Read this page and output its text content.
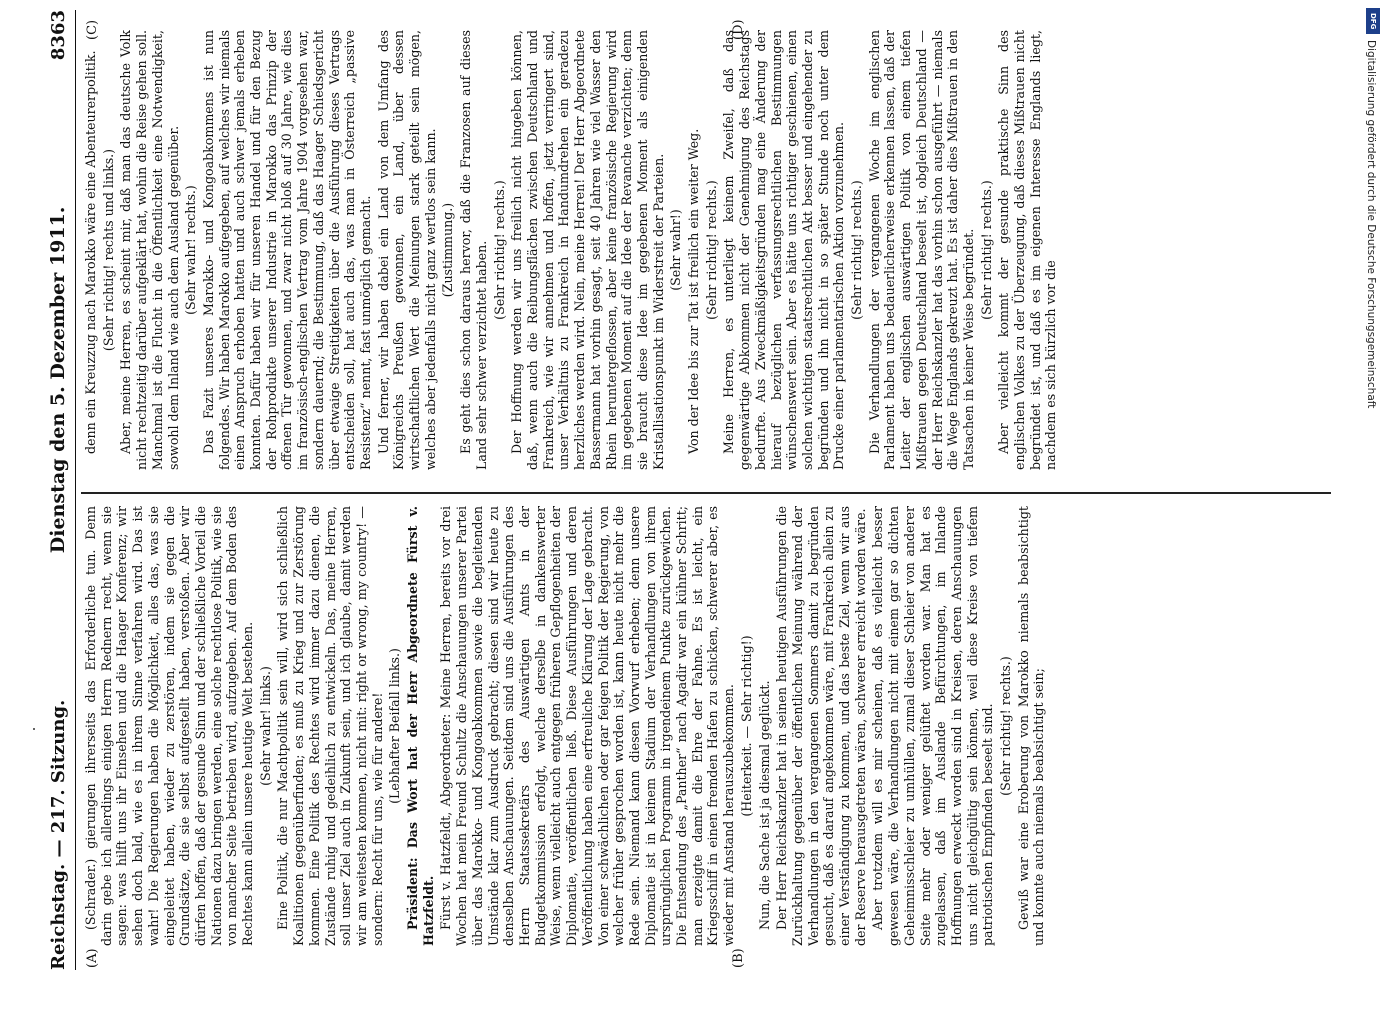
Reichstag. — 217. Sitzung.
Dienstag den 5. Dezember 1911.
8363
(A)	(B)
(C)	(D)

(Schrader.) gierungen ihrerseits das Erforderliche tun. Denn darin gebe ich allerdings einigen Herrn Rednern recht, wenn sie sagen: was hilft uns ihr Einsehen und die Haager Konferenz; wir sehen doch bald, wie es in ihrem Sinne verfahren wird. Das ist wahr! Die Regierungen haben die Möglichkeit, alles das, was sie eingeleitet haben, wieder zu zerstören, indem sie gegen die Grundsätze, die sie selbst aufgestellt haben, verstoßen. Aber wir dürfen hoffen, daß der gesunde Sinn und der schließliche Vorteil die Nationen dazu bringen werden, eine solche rechtlose Politik, wie sie von mancher Seite betrieben wird, aufzugeben. Auf dem Boden des Rechtes kann allein unsere heutige Welt bestehen. (Sehr wahr! links.) Eine Politik, die nur Machtpolitik sein will, wird sich schließlich Koalitionen gegenüberfinden; es muß zu Krieg und zur Zerstörung kommen. Eine Politik des Rechtes wird immer dazu dienen, die Zustände ruhig und gedeihlich zu entwickeln. Das, meine Herren, soll unser Ziel auch in Zukunft sein, und ich glaube, damit werden wir am weitesten kommen, nicht mit: right or wrong, my country! — sondern: Recht für uns, wie für andere! (Lebhafter Beifall links.) Präsident: Das Wort hat der Herr Abgeordnete Fürst v. Hatzfeldt. Fürst v. Hatzfeldt, Abgeordneter: Meine Herren, bereits vor drei Wochen hat mein Freund Schultz die Anschauungen unserer Partei über das Marokko- und Kongoabkommen sowie die begleitenden Umstände klar zum Ausdruck gebracht; diesen sind wir heute zu denselben Anschauungen. Seitdem sind uns die Ausführungen des Herrn Staatssekretärs des Auswärtigen Amts in der Budgetkommission erfolgt, welche derselbe in dankenswerter Weise, wenn vielleicht auch entgegen früheren Gepflogenheiten der Diplomatie, veröffentlichen ließ. Diese Ausführungen und deren Veröffentlichung haben eine erfreuliche Klärung der Lage gebracht. Von einer schwächlichen oder gar feigen Politik der Regierung, von welcher früher gesprochen worden ist, kann heute nicht mehr die Rede sein. Niemand kann diesen Vorwurf erheben; denn unsere Diplomatie ist in keinem Stadium der Verhandlungen von ihrem ursprünglichen Programm in irgendeinem Punkte zurückgewichen. Die Entsendung des „Panther“ nach Agadir war ein kühner Schritt; man erzeigte damit die Ehre der Fahne. Es ist leicht, ein Kriegsschiff in einen fremden Hafen zu schicken, schwerer aber, es wieder mit Anstand herauszubekommen. (Heiterkeit. — Sehr richtig!) Nun, die Sache ist ja diesmal geglückt. Der Herr Reichskanzler hat in seinen heutigen Ausführungen die Zurückhaltung gegenüber der öffentlichen Meinung während der Verhandlungen in den vergangenen Sommers damit zu begründen gesucht, daß es darauf angekommen wäre, mit Frankreich allein zu einer Verständigung zu kommen, und das beste Ziel, wenn wir aus der Reserve herausgetreten wären, schwerer erreicht worden wäre. Aber trotzdem will es mir scheinen, daß es vielleicht besser gewesen wäre, die Verhandlungen nicht mit einem gar so dichten Geheimnisschleier zu umhüllen, zumal dieser Schleier von anderer Seite mehr oder weniger gelüftet worden war. Man hat es zugelassen, daß im Auslande Befürchtungen, im Inlande Hoffnungen erweckt worden sind in Kreisen, deren Anschauungen uns nicht gleichgültig sein können, weil diese Kreise von tiefem patriotischen Empfinden beseelt sind. (Sehr richtig! rechts.) Gewiß war eine Eroberung von Marokko niemals beabsichtigt und konnte auch niemals beabsichtigt sein;

denn ein Kreuzzug nach Marokko wäre eine Abenteurerpolitik. (Sehr richtig! rechts und links.) Aber, meine Herren, es scheint mir, daß man das deutsche Volk nicht rechtzeitig darüber aufgeklärt hat, wohin die Reise gehen soll. Manchmal ist die Flucht in die Öffentlichkeit eine Notwendigkeit, sowohl dem Inland wie auch dem Ausland gegenüber. (Sehr wahr! rechts.) Das Fazit unseres Marokko- und Kongoabkommens ist nun folgendes. Wir haben Marokko aufgegeben, auf welches wir niemals einen Anspruch erhoben hatten und auch schwer jemals erheben konnten. Dafür haben wir für unseren Handel und für den Bezug der Rohprodukte unserer Industrie in Marokko das Prinzip der offenen Tür gewonnen, und zwar nicht bloß auf 30 Jahre, wie dies im französisch-englischen Vertrag vom Jahre 1904 vorgesehen war, sondern dauernd; die Bestimmung, daß das Haager Schiedsgericht über etwaige Streitigkeiten über die Ausführung dieses Vertrags entscheiden soll, hat auch das, was man in Österreich „passive Resistenz“ nennt, fast unmöglich gemacht. Und ferner, wir haben dabei ein Land von dem Umfang des Königreichs Preußen gewonnen, ein Land, über dessen wirtschaftlichen Wert die Meinungen stark geteilt sein mögen, welches aber jedenfalls nicht ganz wertlos sein kann. (Zustimmung.) Es geht dies schon daraus hervor, daß die Franzosen auf dieses Land sehr schwer verzichtet haben. (Sehr richtig! rechts.) Der Hoffnung werden wir uns freilich nicht hingeben können, daß, wenn auch die Reibungsflächen zwischen Deutschland und Frankreich, wie wir annehmen und hoffen, jetzt verringert sind, unser Verhältnis zu Frankreich in Handumdrehen ein geradezu herzliches werden wird. Nein, meine Herren! Der Herr Abgeordnete Bassermann hat vorhin gesagt, seit 40 Jahren wie viel Wasser den Rhein heruntergeflossen, aber keine französische Regierung wird im gegebenen Moment auf die Idee der Revanche verzichten; denn sie braucht diese Idee im gegebenen Moment als einigenden Kristallisationspunkt im Widerstreit der Parteien. (Sehr wahr!) Von der Idee bis zur Tat ist freilich ein weiter Weg. (Sehr richtig! rechts.) Meine Herren, es unterliegt keinem Zweifel, daß das gegenwärtige Abkommen nicht der Genehmigung des Reichstags bedurfte. Aus Zweckmäßigkeitsgründen mag eine Änderung der hierauf bezüglichen verfassungsrechtlichen Bestimmungen wünschenswert sein. Aber es hätte uns richtiger geschienen, einen solchen wichtigen staatsrechtlichen Akt besser und eingehender zu begründen und ihn nicht in so später Stunde noch unter dem Drucke einer parlamentarischen Aktion vorzunehmen. (Sehr richtig! rechts.) Die Verhandlungen der vergangenen Woche im englischen Parlament haben uns bedauerlicherweise erkennen lassen, daß der Leiter der englischen auswärtigen Politik von einem tiefen Mißtrauen gegen Deutschland beseelt ist, obgleich Deutschland — der Herr Reichskanzler hat das vorhin schon ausgeführt — niemals die Wege Englands gekreuzt hat. Es ist daher dies Mißtrauen in den Tatsachen in keiner Weise begründet. (Sehr richtig! rechts.) Aber vielleicht kommt der gesunde praktische Sinn des englischen Volkes zu der Überzeugung, daß dieses Mißtrauen nicht begründet ist, und daß es im eigenen Interesse Englands liegt, nachdem es sich kürzlich vor die

DFG
Digitalisierung gefördert durch die Deutsche Forschungsgemeinschaft
